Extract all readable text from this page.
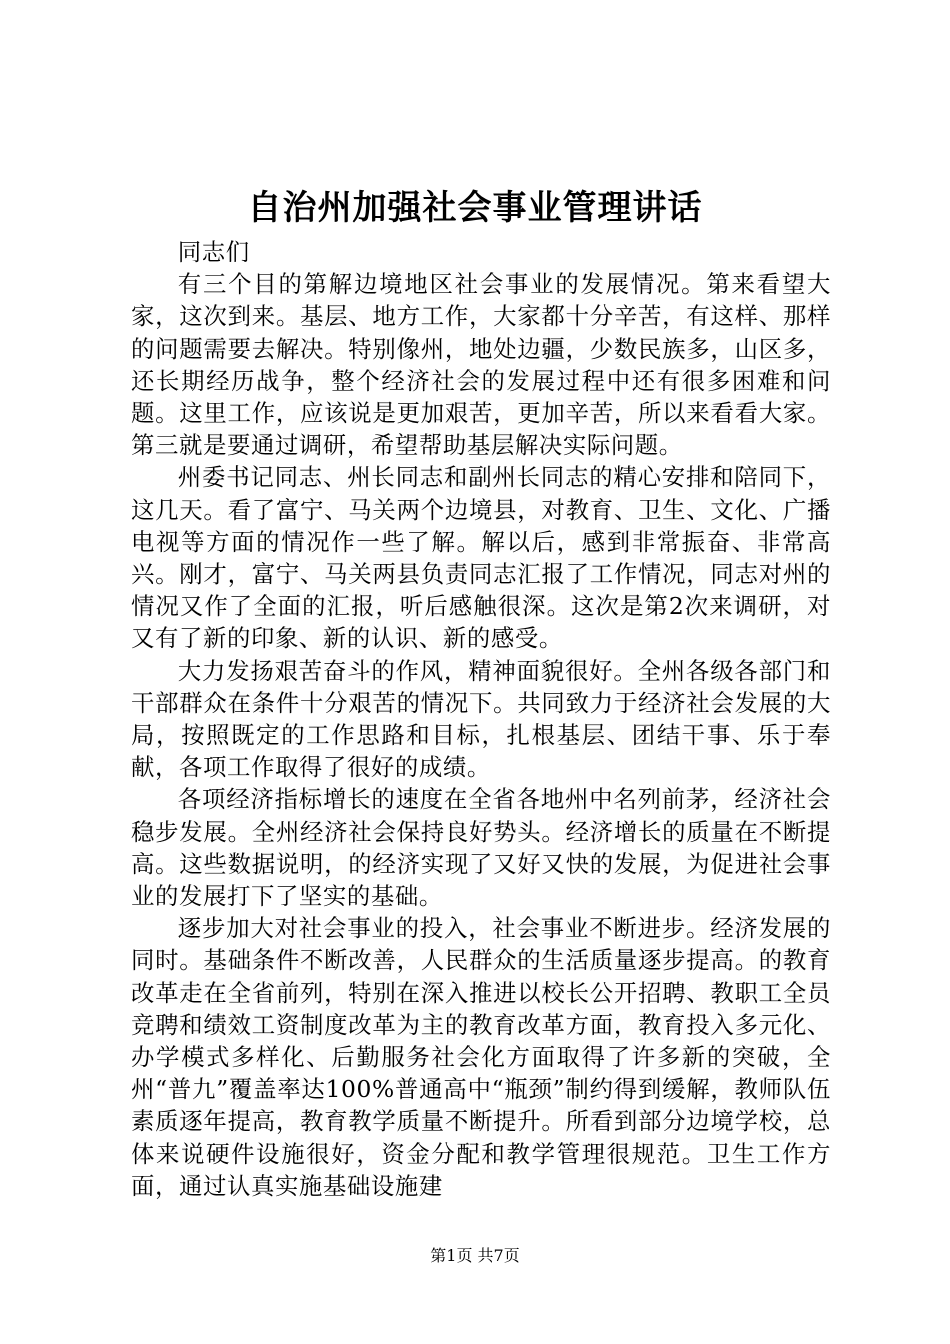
自治州加强社会事业管理讲话

同志们

有三个目的第解边境地区社会事业的发展情况。第来看望大家，这次到来。基层、地方工作，大家都十分辛苦，有这样、那样的问题需要去解决。特别像州，地处边疆，少数民族多，山区多，还长期经历战争，整个经济社会的发展过程中还有很多困难和问题。这里工作，应该说是更加艰苦，更加辛苦，所以来看看大家。第三就是要通过调研，希望帮助基层解决实际问题。

州委书记同志、州长同志和副州长同志的精心安排和陪同下，这几天。看了富宁、马关两个边境县，对教育、卫生、文化、广播电视等方面的情况作一些了解。解以后，感到非常振奋、非常高兴。刚才，富宁、马关两县负责同志汇报了工作情况，同志对州的情况又作了全面的汇报，听后感触很深。这次是第2次来调研，对又有了新的印象、新的认识、新的感受。

大力发扬艰苦奋斗的作风，精神面貌很好。全州各级各部门和干部群众在条件十分艰苦的情况下。共同致力于经济社会发展的大局，按照既定的工作思路和目标，扎根基层、团结干事、乐于奉献，各项工作取得了很好的成绩。

各项经济指标增长的速度在全省各地州中名列前茅，经济社会稳步发展。全州经济社会保持良好势头。经济增长的质量在不断提高。这些数据说明，的经济实现了又好又快的发展，为促进社会事业的发展打下了坚实的基础。

逐步加大对社会事业的投入，社会事业不断进步。经济发展的同时。基础条件不断改善，人民群众的生活质量逐步提高。的教育改革走在全省前列，特别在深入推进以校长公开招聘、教职工全员竞聘和绩效工资制度改革为主的教育改革方面，教育投入多元化、办学模式多样化、后勤服务社会化方面取得了许多新的突破，全州“普九”覆盖率达100%普通高中“瓶颈”制约得到缓解，教师队伍素质逐年提高，教育教学质量不断提升。所看到部分边境学校，总体来说硬件设施很好，资金分配和教学管理很规范。卫生工作方面，通过认真实施基础设施建

第1页 共7页
